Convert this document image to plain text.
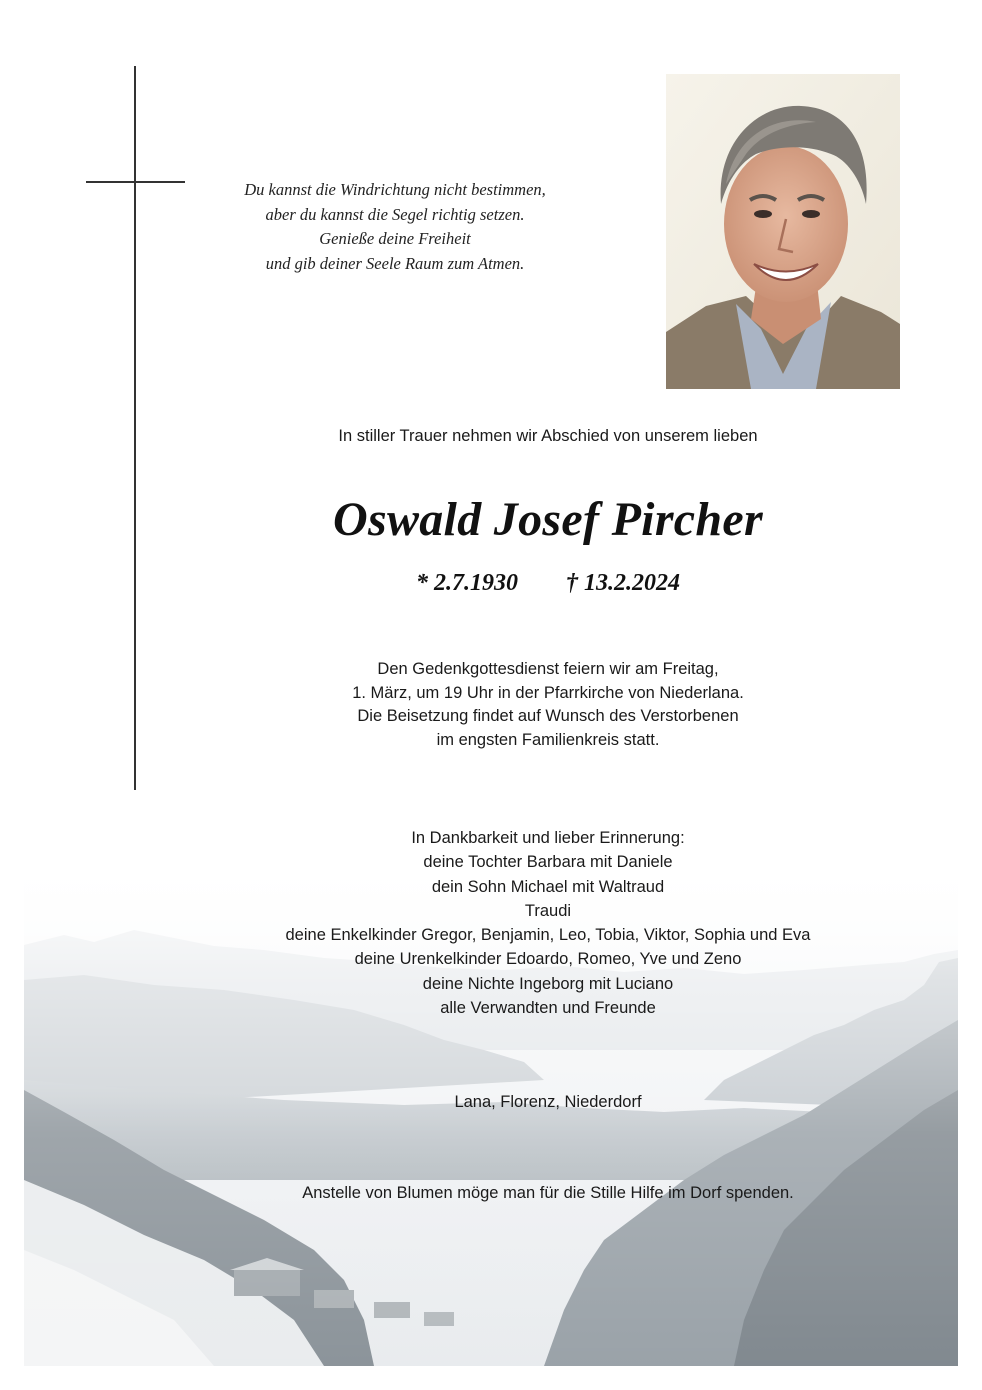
Du kannst die Windrichtung nicht bestimmen,
aber du kannst die Segel richtig setzen.
Genieße deine Freiheit
und gib deiner Seele Raum zum Atmen.
In stiller Trauer nehmen wir Abschied von unserem lieben
Oswald Josef Pircher
* 2.7.1930 † 13.2.2024
Den Gedenkgottesdienst feiern wir am Freitag,
1. März, um 19 Uhr in der Pfarrkirche von Niederlana.
Die Beisetzung findet auf Wunsch des Verstorbenen
im engsten Familienkreis statt.
In Dankbarkeit und lieber Erinnerung:
deine Tochter Barbara mit Daniele
dein Sohn Michael mit Waltraud
Traudi
deine Enkelkinder Gregor, Benjamin, Leo, Tobia, Viktor, Sophia und Eva
deine Urenkelkinder Edoardo, Romeo, Yve und Zeno
deine Nichte Ingeborg mit Luciano
alle Verwandten und Freunde
Lana, Florenz, Niederdorf
Anstelle von Blumen möge man für die Stille Hilfe im Dorf spenden.
